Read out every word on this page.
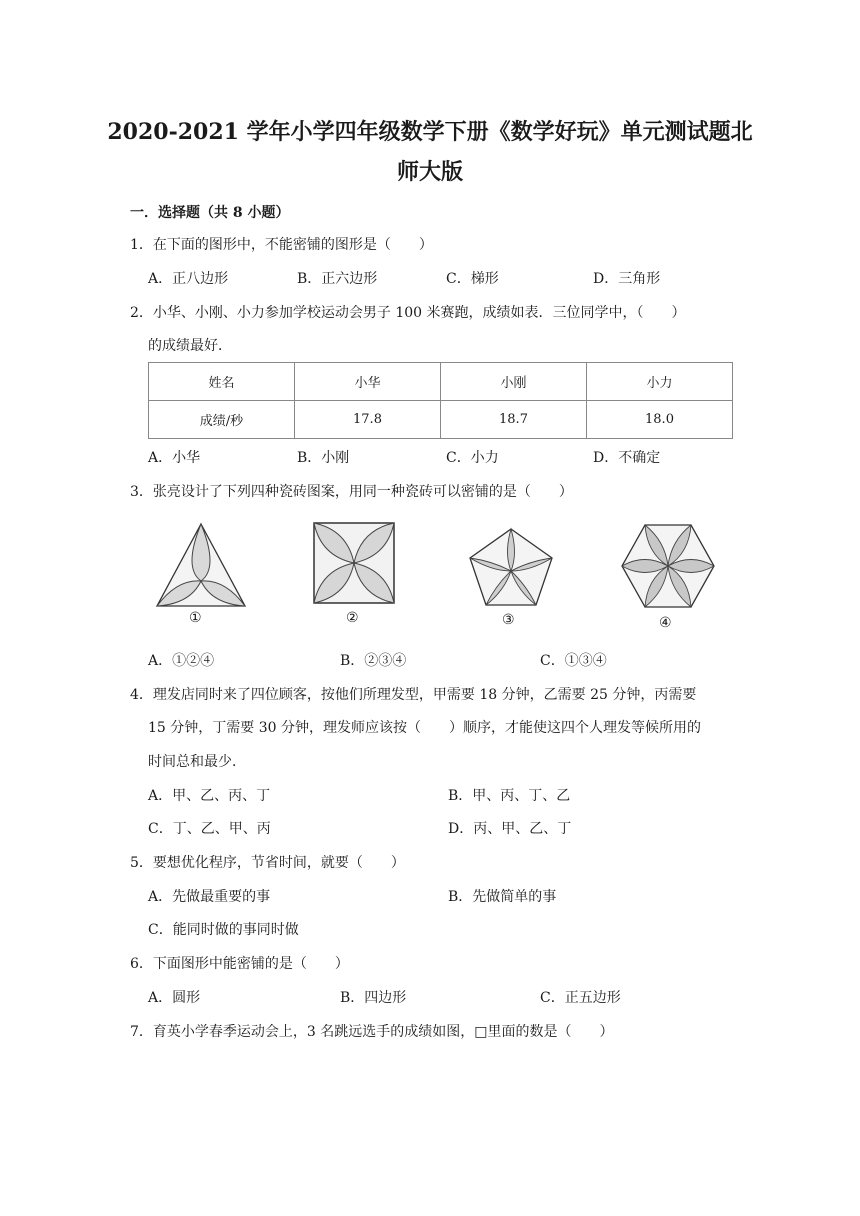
2020-2021 学年小学四年级数学下册《数学好玩》单元测试题北
师大版
一．选择题（共 8 小题）
1．在下面的图形中，不能密铺的图形是（　　）
A．正八边形	B．正六边形	C．梯形	D．三角形
2．小华、小刚、小力参加学校运动会男子 100 米赛跑，成绩如表．三位同学中，（　　）
的成绩最好．
姓名	小华	小刚	小力
成绩/秒	17.8	18.7	18.0
A．小华	B．小刚	C．小力	D．不确定
3．张亮设计了下列四种瓷砖图案，用同一种瓷砖可以密铺的是（　　）
①	②	③	④
A．①②④	B．②③④	C．①③④
4．理发店同时来了四位顾客，按他们所理发型，甲需要 18 分钟，乙需要 25 分钟，丙需要
15 分钟，丁需要 30 分钟，理发师应该按（　　）顺序，才能使这四个人理发等候所用的
时间总和最少．
A．甲、乙、丙、丁	B．甲、丙、丁、乙
C．丁、乙、甲、丙	D．丙、甲、乙、丁
5．要想优化程序，节省时间，就要（　　）
A．先做最重要的事	B．先做简单的事
C．能同时做的事同时做
6．下面图形中能密铺的是（　　）
A．圆形	B．四边形	C．正五边形
7．育英小学春季运动会上，3 名跳远选手的成绩如图，□里面的数是（　　）
